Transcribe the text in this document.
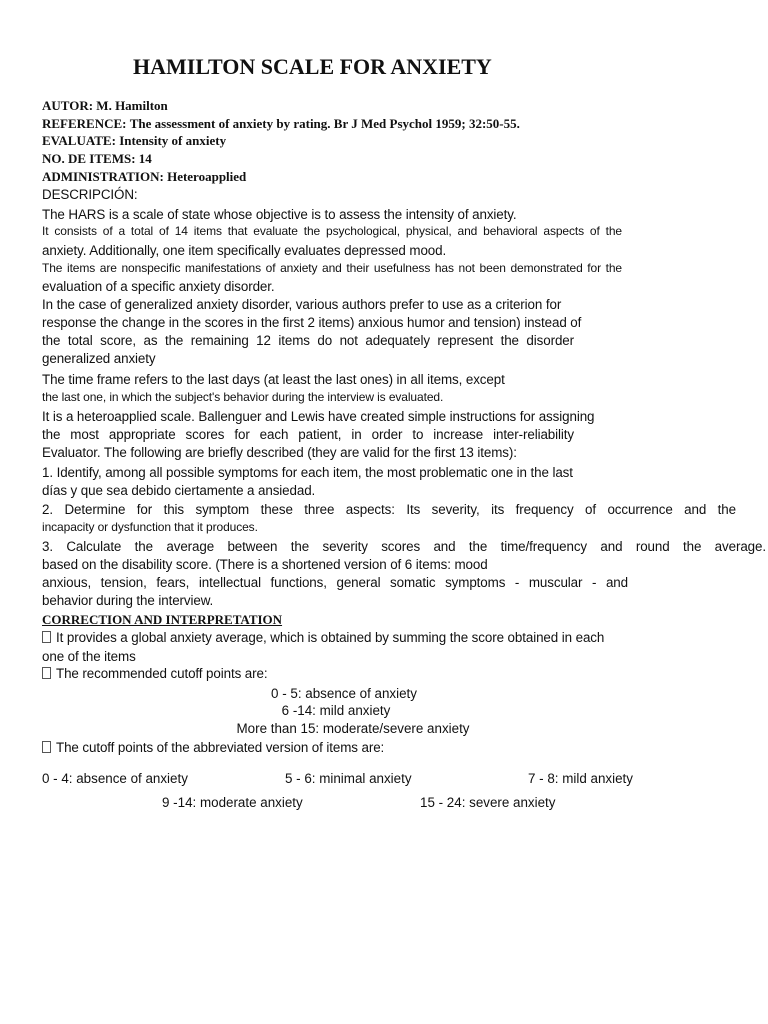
HAMILTON SCALE FOR ANXIETY
AUTOR: M. Hamilton
REFERENCE: The assessment of anxiety by rating. Br J Med Psychol 1959; 32:50-55.
EVALUATE: Intensity of anxiety
NO. DE ITEMS: 14
ADMINISTRATION: Heteroapplied
DESCRIPCIÓN:
The HARS is a scale of state whose objective is to assess the intensity of anxiety.
It consists of a total of 14 items that evaluate the psychological, physical, and behavioral aspects of the
anxiety. Additionally, one item specifically evaluates depressed mood.
The items are nonspecific manifestations of anxiety and their usefulness has not been demonstrated for the
evaluation of a specific anxiety disorder.
In the case of generalized anxiety disorder, various authors prefer to use as a criterion for
response the change in the scores in the first 2 items) anxious humor and tension) instead of
the total score, as the remaining 12 items do not adequately represent the disorder
generalized anxiety
The time frame refers to the last days (at least the last ones) in all items, except
the last one, in which the subject's behavior during the interview is evaluated.
It is a heteroapplied scale. Ballenguer and Lewis have created simple instructions for assigning
the most appropriate scores for each patient, in order to increase inter-reliability
Evaluator. The following are briefly described (they are valid for the first 13 items):
1. Identify, among all possible symptoms for each item, the most problematic one in the last
días y que sea debido ciertamente a ansiedad.
2. Determine for this symptom these three aspects: Its severity, its frequency of occurrence and the
incapacity or dysfunction that it produces.
3. Calculate the average between the severity scores and the time/frequency and round the average.
based on the disability score. (There is a shortened version of 6 items: mood
anxious, tension, fears, intellectual functions, general somatic symptoms - muscular - and
behavior during the interview.
CORRECTION AND INTERPRETATION
It provides a global anxiety average, which is obtained by summing the score obtained in each
one of the items
The recommended cutoff points are:
0 - 5: absence of anxiety
6 -14: mild anxiety
More than 15: moderate/severe anxiety
The cutoff points of the abbreviated version of items are:
0 - 4: absence of anxiety	5 - 6: minimal anxiety	7 - 8: mild anxiety
9 -14: moderate anxiety	15 - 24: severe anxiety
